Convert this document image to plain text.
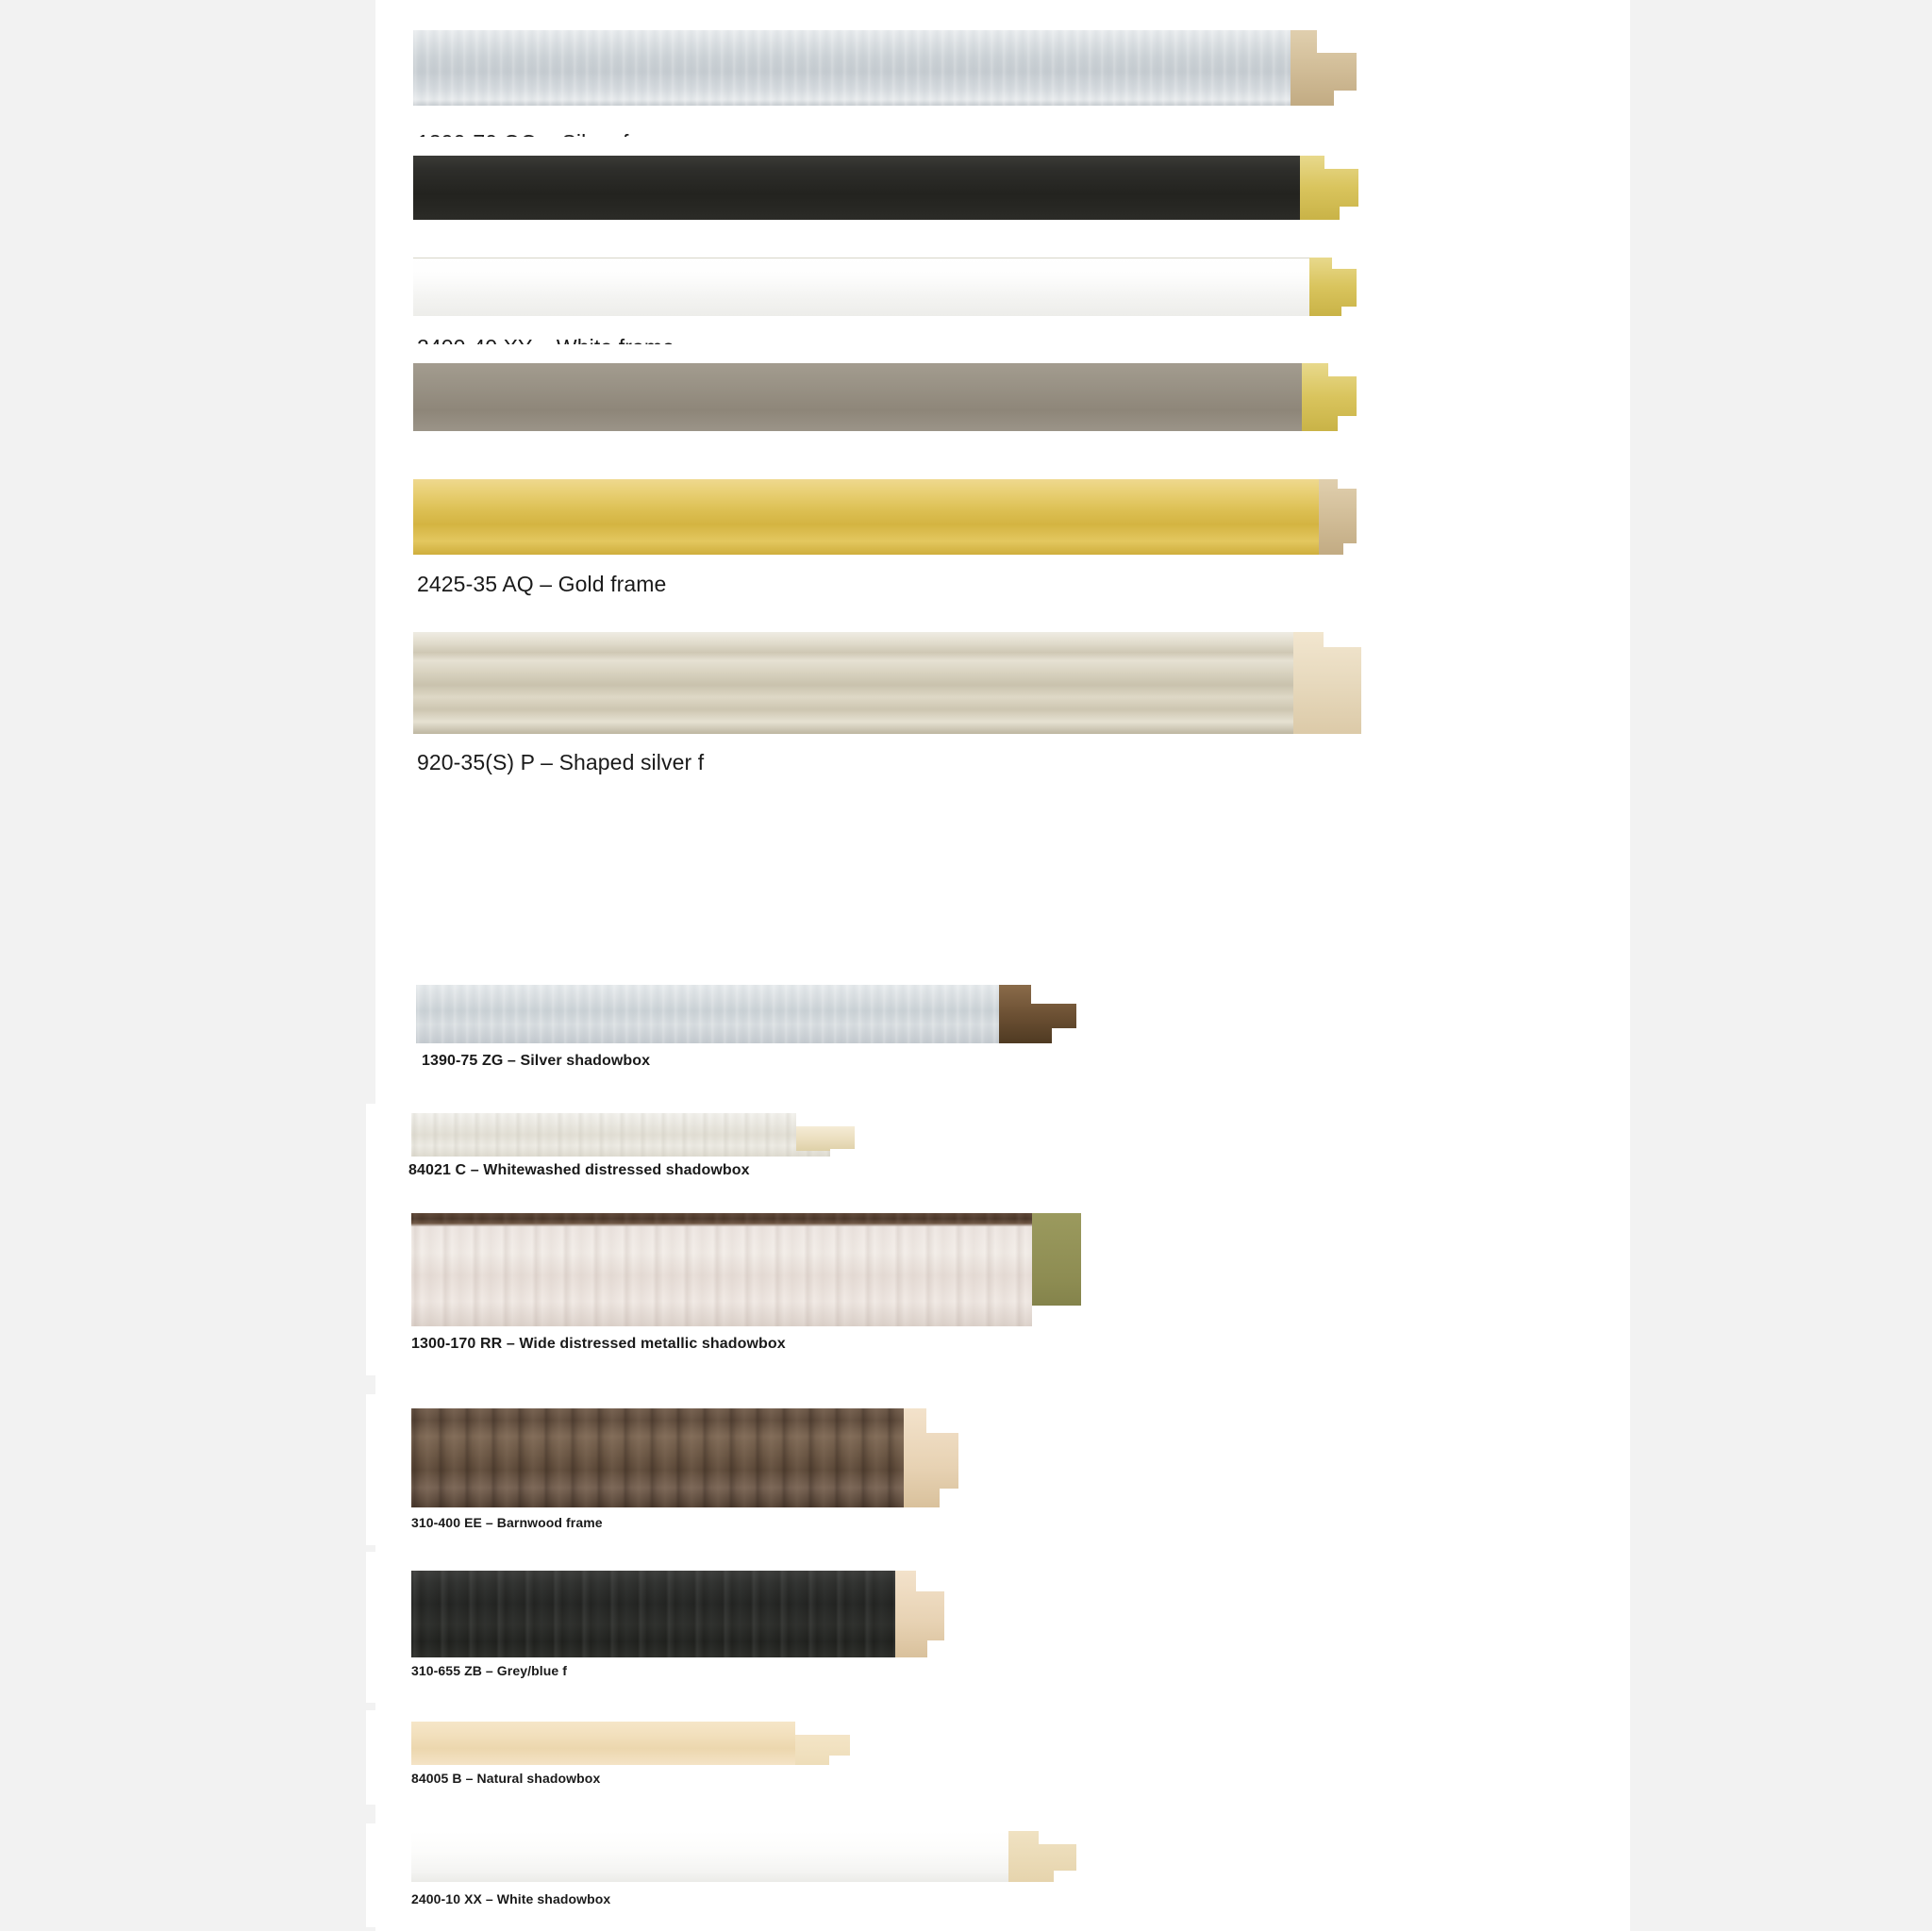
2425-35 AQ – Gold frame
920-35(S) P – Shaped silver f
1390-75 ZG – Silver shadowbox
84021 C – Whitewashed distressed shadowbox
1300-170 RR – Wide distressed metallic shadowbox
310-400 EE – Barnwood frame
310-655 ZB – Grey/blue f
84005 B – Natural shadowbox
2400-10 XX – White shadowbox
